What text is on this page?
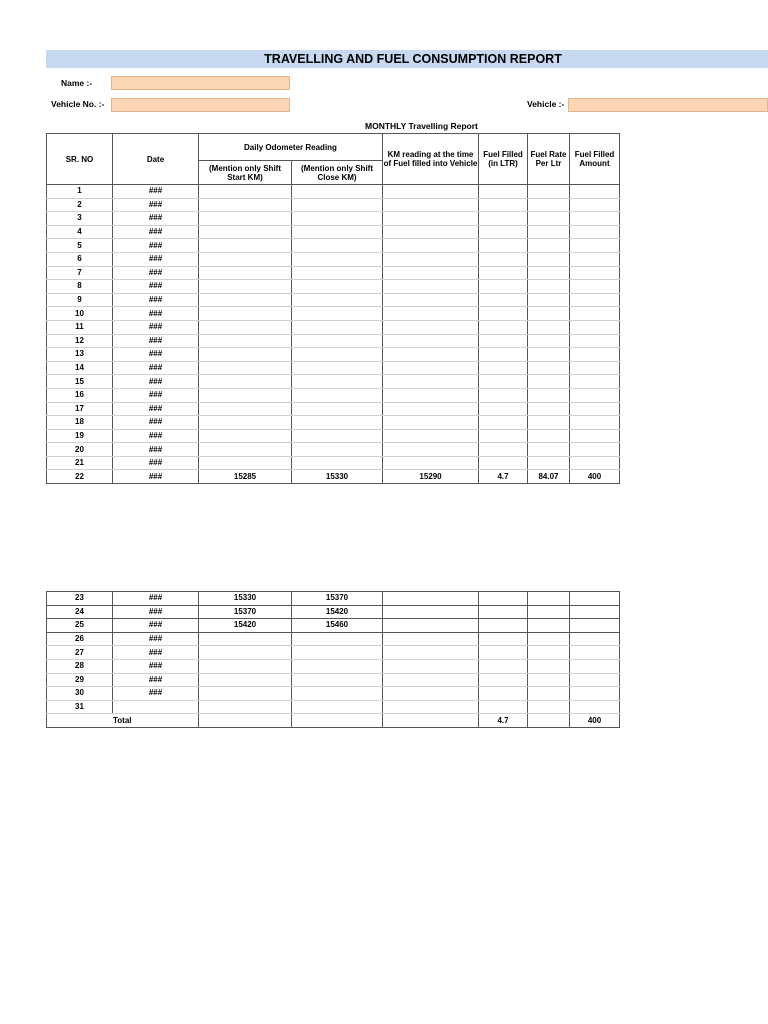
TRAVELLING AND FUEL CONSUMPTION REPORT
Name :-
Vehicle No. :-	Vehicle :-
MONTHLY Travelling Report
SR. NO	Date	Daily Odometer Reading		KM reading at the time of Fuel filled into Vehicle	Fuel Filled (in LTR)	Fuel Rate Per Ltr	Fuel Filled Amount
		(Mention only Shift Start KM)	(Mention only Shift Close KM)				
1	###						
2	###						
3	###						
4	###						
5	###						
6	###						
7	###						
8	###						
9	###						
10	###						
11	###						
12	###						
13	###						
14	###						
15	###						
16	###						
17	###						
18	###						
19	###						
20	###						
21	###						
22	###	15285	15330	15290	4.7	84.07	400
23	###	15330	15370				
24	###	15370	15420				
25	###	15420	15460				
26	###						
27	###						
28	###						
29	###						
30	###						
31							
Total					4.7		400
